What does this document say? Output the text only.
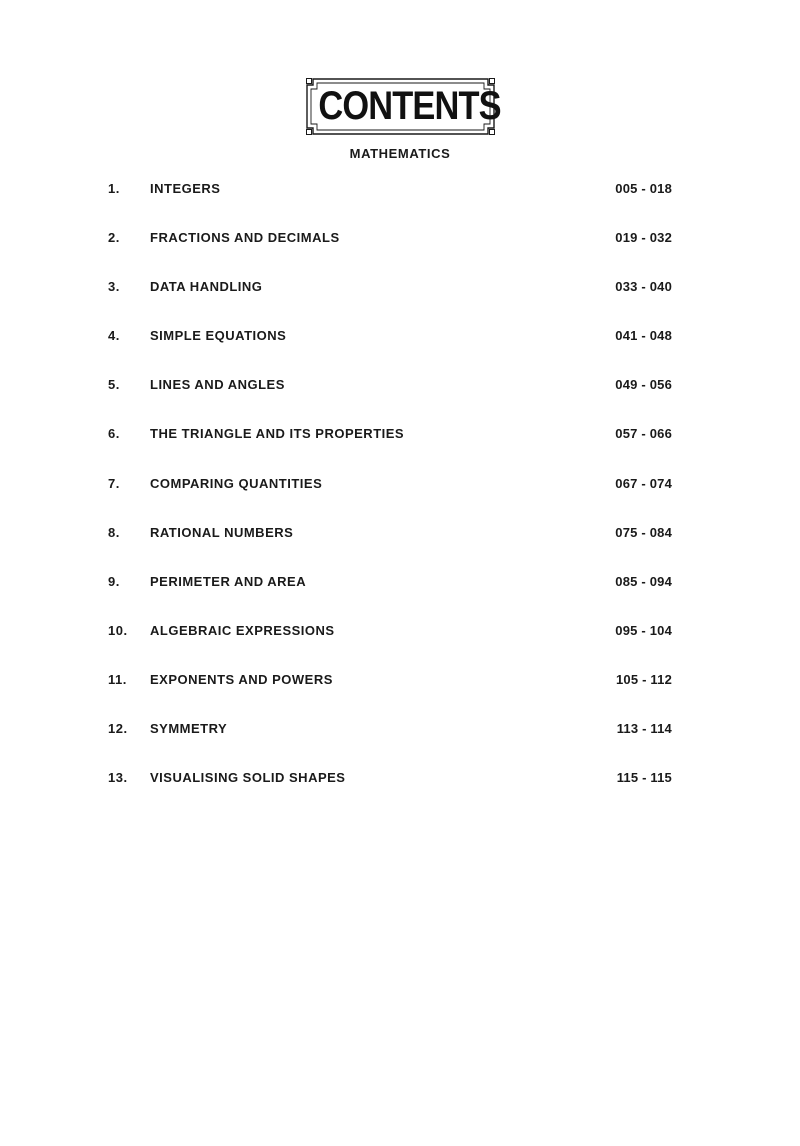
CONTENTS
MATHEMATICS
1. INTEGERS	005 - 018
2. FRACTIONS AND DECIMALS	019 - 032
3. DATA HANDLING	033 - 040
4. SIMPLE EQUATIONS	041 - 048
5. LINES AND ANGLES	049 - 056
6. THE TRIANGLE AND ITS PROPERTIES	057 - 066
7. COMPARING QUANTITIES	067 - 074
8. RATIONAL NUMBERS	075 - 084
9. PERIMETER AND AREA	085 - 094
10. ALGEBRAIC EXPRESSIONS	095 - 104
11. EXPONENTS AND POWERS	105 - 112
12. SYMMETRY	113 - 114
13. VISUALISING SOLID SHAPES	115 - 115
